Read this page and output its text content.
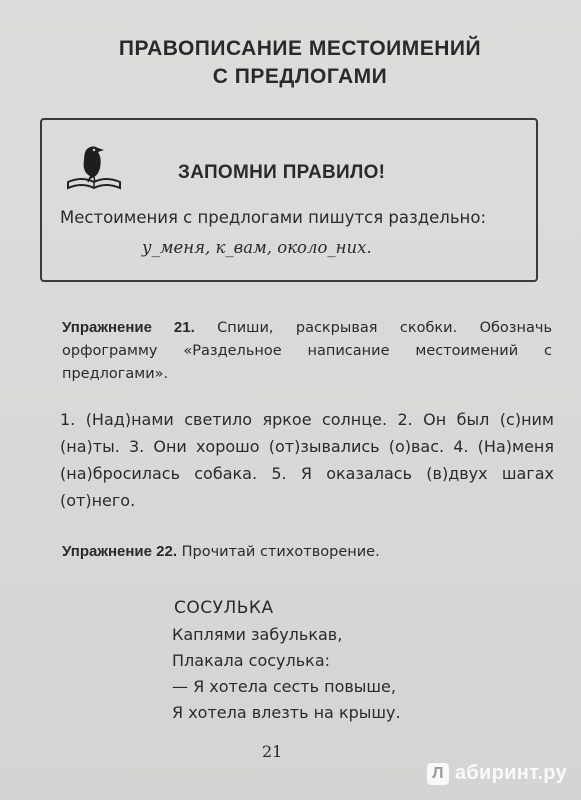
ПРАВОПИСАНИЕ МЕСТОИМЕНИЙ
С ПРЕДЛОГАМИ
ЗАПОМНИ ПРАВИЛО!
Местоимения с предлогами пишутся раздельно:
у_меня, к_вам, около_них.
Упражнение 21. Спиши, раскрывая скобки. Обозначь орфограмму «Раздельное написание местоимений с предлогами».
1. (Над)нами светило яркое солнце. 2. Он был (с)ним (на)ты. 3. Они хорошо (от)зывались (о)вас. 4. (На)меня (на)бросилась собака. 5. Я оказалась (в)двух шагах (от)него.
Упражнение 22. Прочитай стихотворение.
СОСУЛЬКА
Каплями забулькав,
Плакала сосулька:
— Я хотела сесть повыше,
Я хотела влезть на крышу.
21
Л абиринт.ру
